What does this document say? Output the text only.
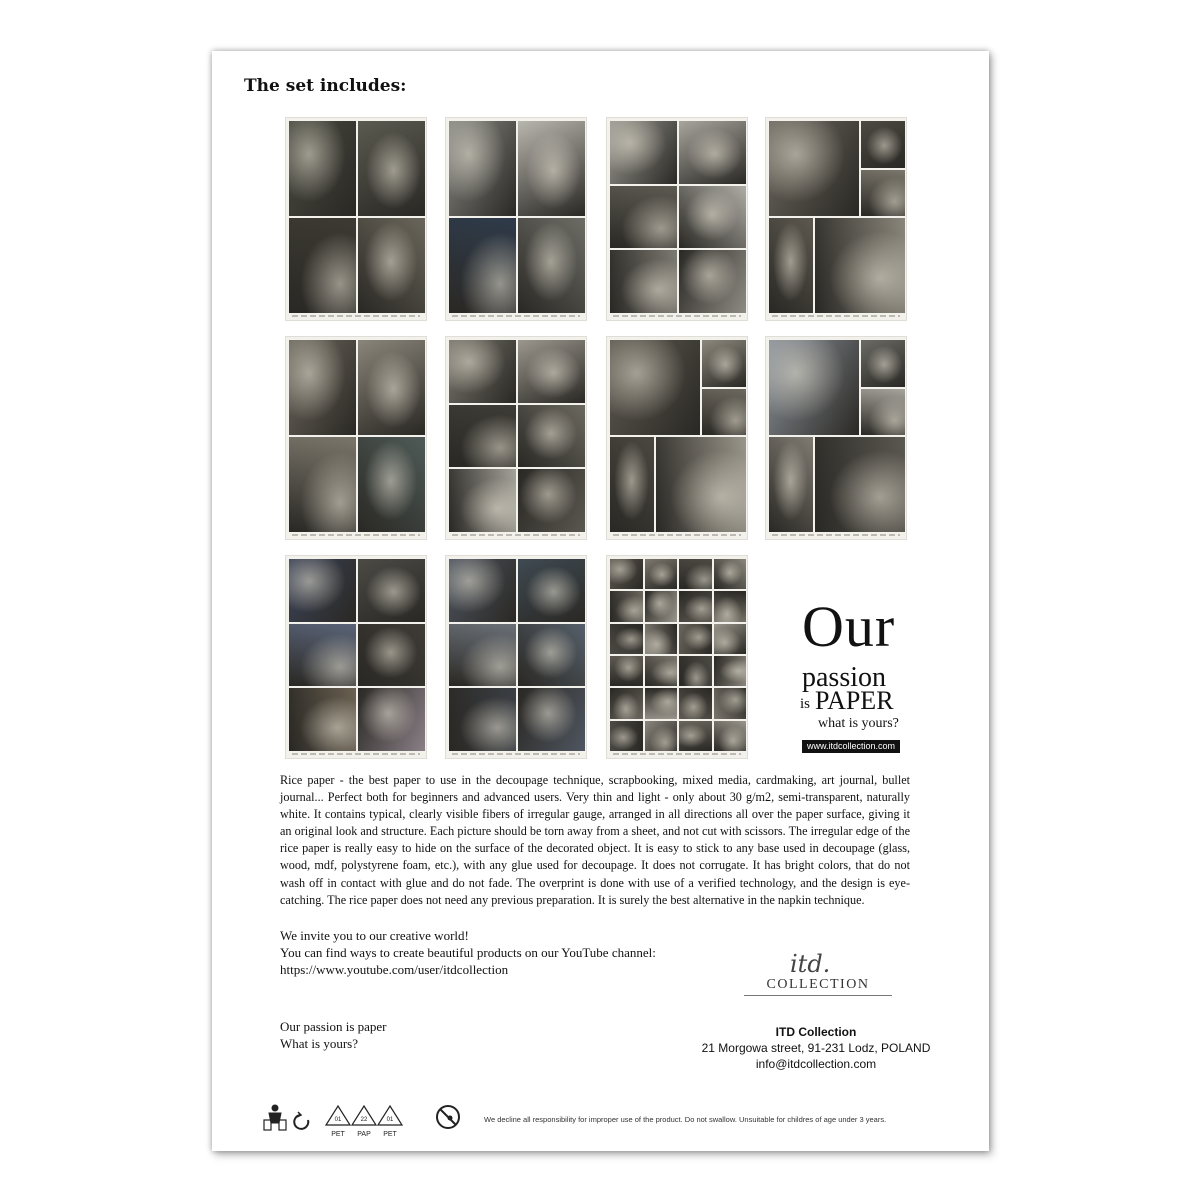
The set includes:
Our
passion
is PAPER
what is yours?
www.itdcollection.com
Rice paper - the best paper to use in the decoupage technique, scrapbooking, mixed media, cardmaking, art journal, bullet journal... Perfect both for beginners and advanced users. Very thin and light - only about 30 g/m2, semi-transparent, naturally white. It contains typical, clearly visible fibers of irregular gauge, arranged in all directions all over the paper surface, giving it an original look and structure. Each picture should be torn away from a sheet, and not cut with scissors. The irregular edge of the rice paper is really easy to hide on the surface of the decorated object. It is easy to stick to any base used in decoupage (glass, wood, mdf, polystyrene foam, etc.), with any glue used for decoupage. It does not corrugate. It has bright colors, that do not wash off in contact with glue and do not fade. The overprint is done with use of a verified technology, and the design is eye-catching. The rice paper does not need any previous preparation. It is surely the best alternative in the napkin technique.
We invite you to our creative world!
You can find ways to create beautiful products on our YouTube channel:
https://www.youtube.com/user/itdcollection
Our passion is paper
What is yours?
itd.
COLLECTION
ITD Collection
21 Morgowa street, 91-231 Lodz, POLAND
info@itdcollection.com
01	22	01
PET PAP PET
We decline all responsibility for improper use of the product. Do not swallow. Unsuitable for childres of age under 3 years.
